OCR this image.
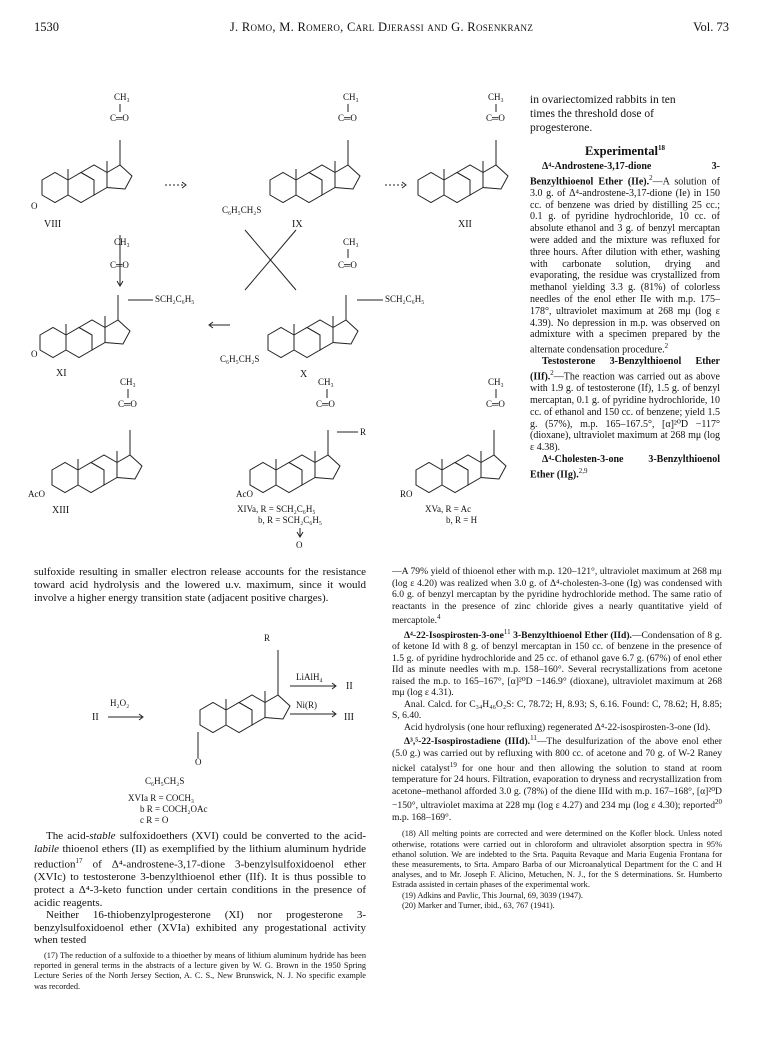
1530	J. Romo, M. Romero, Carl Djerassi and G. Rosenkranz	Vol. 73
CH₃
C═O
O
VIII
CH₃
C═O
C₆H₅CH₂S
IX
CH₃
C═O
XII
CH₃
C═O
SCH₂C₆H₅
O
XI
CH₃
C═O
SCH₂C₆H₅
C₆H₅CH₂S
X
CH₃
C═O
AcO
XIII
CH₃
C═O
R
AcO
XIVa, R = SCH₂C₆H₅
b, R = SCH₂C₆H₅
O
CH₃
C═O
RO
XVa, R = Ac
b, R = H
R
O
C₆H₅CH₂S
XVIa R = COCH₃
b R = COCH₂OAc
c R = O
II
H₂O₂
LiAlH₄
II
Ni(R)
III
in ovariectomized rabbits in ten times the threshold dose of progesterone.
Experimental$^{18}$

Δ⁴-Androstene-3,17-dione 3-Benzylthioenol Ether (IIe).$^2$—A solution of 3.0 g. of Δ⁴-androstene-3,17-dione (Ie) in 150 cc. of benzene was dried by distilling 25 cc.; 0.1 g. of pyridine hydrochloride, 10 cc. of absolute ethanol and 3 g. of benzyl mercaptan were added and the mixture was refluxed for three hours. After dilution with ether, washing with carbonate solution, drying and evaporating, the residue was crystallized from methanol yielding 3.3 g. (81%) of colorless needles of the enol ether IIe with m.p. 175–178°, ultraviolet maximum at 268 mμ (log ε 4.39). No depression in m.p. was observed on admixture with a specimen prepared by the alternate condensation procedure.$^2$

Testosterone 3-Benzylthioenol Ether (IIf).$^2$—The reaction was carried out as above with 1.9 g. of testosterone (If), 1.5 g. of benzyl mercaptan, 0.1 g. of pyridine hydrochloride, 10 cc. of ethanol and 150 cc. of benzene; yield 1.5 g. (57%), m.p. 165–167.5°, [α]²⁰D −117° (dioxane), ultraviolet maximum at 268 mμ (log ε 4.38).

Δ⁴-Cholesten-3-one 3-Benzylthioenol Ether (IIg).$^{2,9}$

—A 79% yield of thioenol ether with m.p. 120–121°, ultraviolet maximum at 268 mμ (log ε 4.20) was realized when 3.0 g. of Δ⁴-cholesten-3-one (Ig) was condensed with 6.0 g. of benzyl mercaptan by the pyridine hydrochloride method. The same ratio of reactants in the presence of zinc chloride gives a nearly quantitative yield of mercaptole.$^4$

Δ⁴-22-Isospirosten-3-one$^{11}$ 3-Benzylthioenol Ether (IId).—Condensation of 8 g. of ketone Id with 8 g. of benzyl mercaptan in 150 cc. of benzene in the presence of 1.5 g. of pyridine hydrochloride and 25 cc. of ethanol gave 6.7 g. (67%) of enol ether IId as minute needles with m.p. 158–160°. Several recrystallizations from acetone raised the m.p. to 165–167°, [α]²⁰D −146.9° (dioxane), ultraviolet maximum at 268 mμ (log ε 4.31).

Anal. Calcd. for C₃₄H₄₆O₂S: C, 78.72; H, 8.93; S, 6.16. Found: C, 78.62; H, 8.85; S, 6.40.

Acid hydrolysis (one hour refluxing) regenerated Δ⁴-22-isospirosten-3-one (Id).

Δ³,⁵-22-Isospirostadiene (IIId).$^{11}$—The desulfurization of the above enol ether (5.0 g.) was carried out by refluxing with 800 cc. of acetone and 70 g. of W-2 Raney nickel catalyst$^{19}$ for one hour and then allowing the solution to stand at room temperature for 24 hours. Filtration, evaporation to dryness and recrystallization from acetone–methanol afforded 3.0 g. (78%) of the diene IIId with m.p. 167–168°, [α]²⁰D −150°, ultraviolet maxima at 228 mμ (log ε 4.27) and 234 mμ (log ε 4.30); reported$^{20}$ m.p. 168–169°.

(18) All melting points are corrected and were determined on the Kofler block. Unless noted otherwise, rotations were carried out in chloroform and ultraviolet absorption spectra in 95% ethanol solution. We are indebted to the Srta. Paquita Revaque and Maria Eugenia Frontana for these measurements, to Srta. Amparo Barba of our Microanalytical Department for the C and H analyses, and to Mr. Joseph F. Alicino, Metuchen, N. J., for the S determinations. Sr. Humberto Estrada assisted in certain phases of the experimental work.

(19) Adkins and Pavlic, This Journal, 69, 3039 (1947).

(20) Marker and Turner, ibid., 63, 767 (1941).

sulfoxide resulting in smaller electron release accounts for the resistance toward acid hydrolysis and the lowered u.v. maximum, since it would involve a higher energy transition state (adjacent positive charges).

The acid-stable sulfoxidoethers (XVI) could be converted to the acid-labile thioenol ethers (II) as exemplified by the lithium aluminum hydride reduction$^{17}$ of Δ⁴-androstene-3,17-dione 3-benzylsulfoxidoenol ether (XVIc) to testosterone 3-benzylthioenol ether (IIf). It is thus possible to protect a Δ⁴-3-keto function under certain conditions in the presence of acidic reagents.

Neither 16-thiobenzylprogesterone (XI) nor progesterone 3-benzylsulfoxidoenol ether (XVIa) exhibited any progestational activity when tested

(17) The reduction of a sulfoxide to a thioether by means of lithium aluminum hydride has been reported in general terms in the abstracts of a lecture given by W. G. Brown in the 1950 Spring Lecture Series of the North Jersey Section, A. C. S., New Brunswick, N. J. No specific example was recorded.
